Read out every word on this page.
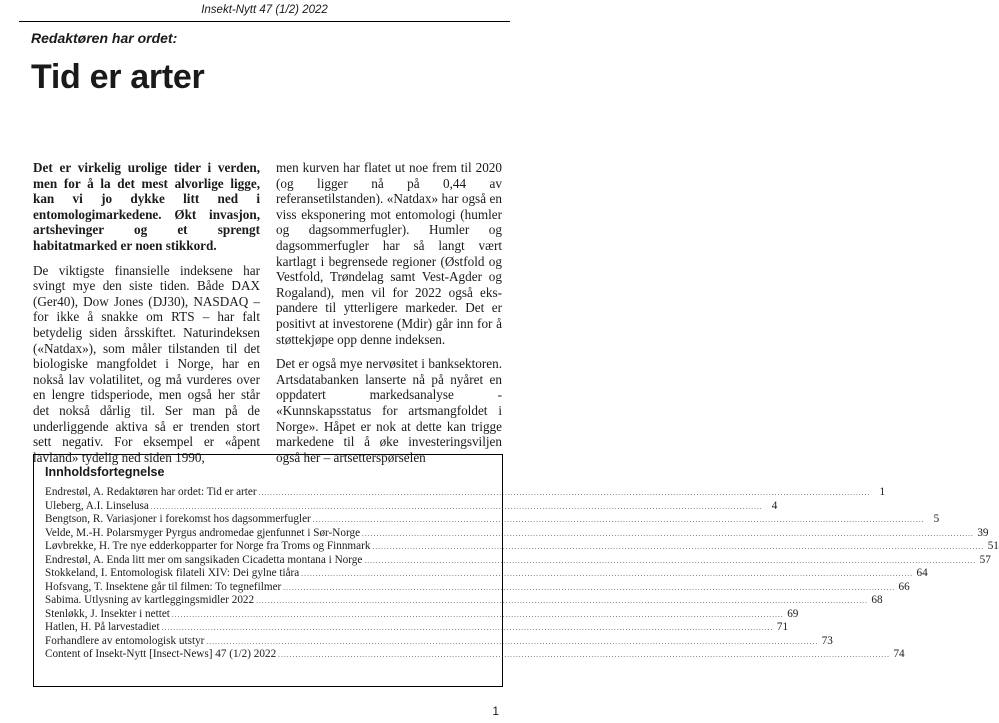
Insekt-Nytt 47 (1/2) 2022
Redaktøren har ordet:
Tid er arter

Det er virkelig urolige tider i verden, men for å la det mest alvorlige ligge, kan vi jo dykke litt ned i entomologimarkedene. Økt invasjon, artshevinger og et sprengt habitatmarked er noen stikkord.

De viktigste finansielle indeksene har svingt mye den siste tiden. Både DAX (Ger40), Dow Jones (DJ30), NASDAQ – for ikke å snakke om RTS – har falt betydelig siden årsskiftet. Naturindeksen («Natdax»), som måler tilstanden til det biologiske mangfoldet i Norge, har en nokså lav volatilitet, og må vurderes over en lengre tidsperiode, men også her står det nokså dårlig til. Ser man på de underliggende aktiva så er trenden stort sett negativ. For eksempel er «åpent lavland» tydelig ned siden 1990,

men kurven har flatet ut noe frem til 2020 (og ligger nå på 0,44 av referansetilstanden). «Natdax» har også en viss eksponering mot entomologi (humler og dagsommerfugler). Humler og dagsommerfugler har så langt vært kartlagt i begrensede regioner (Østfold og Vestfold, Trøndelag samt Vest-Agder og Rogaland), men vil for 2022 også eks-pandere til ytterligere markeder. Det er positivt at investorene (Mdir) går inn for å støttekjøpe opp denne indeksen.

Det er også mye nervøsitet i banksektoren. Artsdatabanken lanserte nå på nyåret en oppdatert markedsanalyse - «Kunnskapsstatus for artsmangfoldet i Norge». Håpet er nok at dette kan trigge markedene til å øke investeringsviljen også her – artsetterspørselen

Innholdsfortegnelse
Endrestøl, A. Redaktøren har ordet: Tid er arter . . .	1
Uleberg, A.I. Linselusa . . .	4
Bengtson, R. Variasjoner i forekomst hos dagsommerfugler . . .	5
Velde, M.-H. Polarsmyger Pyrgus andromedae gjenfunnet i Sør-Norge . . .	39
Løvbrekke, H. Tre nye edderkopparter for Norge fra Troms og Finnmark . . .	51
Endrestøl, A. Enda litt mer om sangsikaden Cicadetta montana i Norge . . .	57
Stokkeland, I. Entomologisk filateli XIV: Dei gylne tiåra . . .	64
Hofsvang, T. Insektene går til filmen: To tegnefilmer . . .	66
Sabima. Utlysning av kartleggingsmidler 2022 . . .	68
Stenløkk, J. Insekter i nettet . . .	69
Hatlen, H. På larvestadiet . . .	71
Forhandlere av entomologisk utstyr . . .	73
Content of Insekt-Nytt [Insect-News] 47 (1/2) 2022 . . .	74
1
